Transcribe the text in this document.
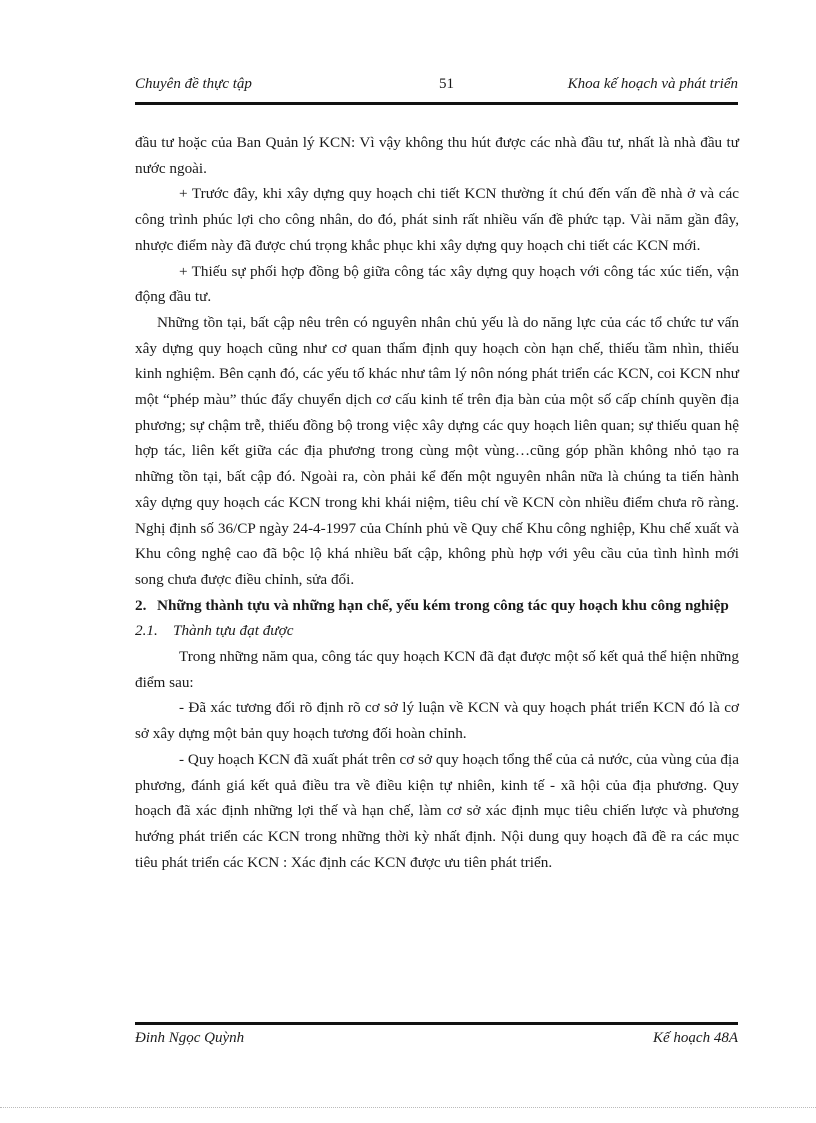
Chuyên đề thực tập	51	Khoa kế hoạch và phát triển

đầu tư hoặc của Ban Quản lý KCN: Vì vậy không thu hút được các nhà đầu tư, nhất là nhà đầu tư nước ngoài.

+ Trước đây, khi xây dựng quy hoạch chi tiết KCN thường ít chú đến vấn đề nhà ở và các công trình phúc lợi cho công nhân, do đó, phát sinh rất nhiều vấn đề phức tạp. Vài năm gần đây, nhược điểm này đã được chú trọng khắc phục khi xây dựng quy hoạch chi tiết các KCN mới.

+ Thiếu sự phối hợp đồng bộ giữa công tác xây dựng quy hoạch với công tác xúc tiến, vận động đầu tư.

Những tồn tại, bất cập nêu trên có nguyên nhân chủ yếu là do năng lực của các tổ chức tư vấn xây dựng quy hoạch cũng như cơ quan thẩm định quy hoạch còn hạn chế, thiếu tầm nhìn, thiếu kinh nghiệm. Bên cạnh đó, các yếu tố khác như tâm lý nôn nóng phát triển các KCN, coi KCN như một “phép màu” thúc đẩy chuyển dịch cơ cấu kinh tế trên địa bàn của một số cấp chính quyền địa phương; sự chậm trễ, thiếu đồng bộ trong việc xây dựng các quy hoạch liên quan; sự thiếu quan hệ hợp tác, liên kết giữa các địa phương trong cùng một vùng…cũng góp phần không nhỏ tạo ra những tồn tại, bất cập đó. Ngoài ra, còn phải kể đến một nguyên nhân nữa là chúng ta tiến hành xây dựng quy hoạch các KCN trong khi khái niệm, tiêu chí về KCN còn nhiều điểm chưa rõ ràng. Nghị định số 36/CP ngày 24-4-1997 của Chính phủ về Quy chế Khu công nghiệp, Khu chế xuất và Khu công nghệ cao đã bộc lộ khá nhiều bất cập, không phù hợp với yêu cầu của tình hình mới song chưa được điều chỉnh, sửa đổi.

2. Những thành tựu và những hạn chế, yếu kém trong công tác quy hoạch khu công nghiệp

2.1. Thành tựu đạt được

Trong những năm qua, công tác quy hoạch KCN đã đạt được một số kết quả thể hiện những điểm sau:

- Đã xác tương đối rõ định rõ cơ sở lý luận về KCN và quy hoạch phát triển KCN đó là cơ sở xây dựng một bản quy hoạch tương đối hoàn chỉnh.

- Quy hoạch KCN đã xuất phát trên cơ sở quy hoạch tổng thể của cả nước, của vùng của địa phương, đánh giá kết quả điều tra về điều kiện tự nhiên, kinh tế - xã hội của địa phương. Quy hoạch đã xác định những lợi thế và hạn chế, làm cơ sở xác định mục tiêu chiến lược và phương hướng phát triển các KCN trong những thời kỳ nhất định. Nội dung quy hoạch đã đề ra các mục tiêu phát triển các KCN : Xác định các KCN được ưu tiên phát triển.

Đinh Ngọc Quỳnh	Kế hoạch 48A
